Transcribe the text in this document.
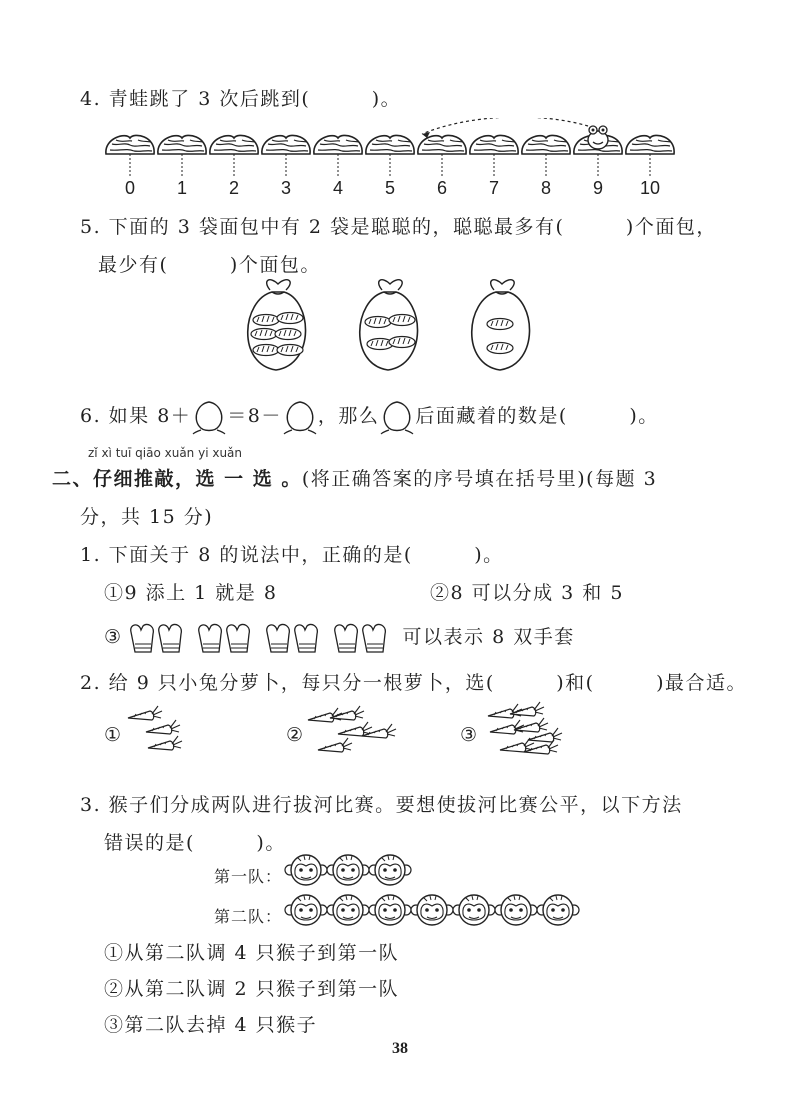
4. 青蛙跳了 3 次后跳到(　　　)。
0	1	2	3	4	5	6	7	8	9	10
5. 下面的 3 袋面包中有 2 袋是聪聪的，聪聪最多有(　　　)个面包，
最少有(　　　)个面包。
6. 如果 8＋ ＝8－ ，那么 后面藏着的数是(　　　)。
zǐ xì tuī qiāo xuǎn yi xuǎn
二、仔细推敲，选 一 选 。(将正确答案的序号填在括号里)(每题 3
分，共 15 分)
1. 下面关于 8 的说法中，正确的是(　　　)。
①9 添上 1 就是 8	②8 可以分成 3 和 5
③	可以表示 8 双手套
2. 给 9 只小兔分萝卜，每只分一根萝卜，选(　　　)和(　　　)最合适。
①	②	③
3. 猴子们分成两队进行拔河比赛。要想使拔河比赛公平，以下方法
错误的是(　　　)。
第一队：
第二队：
①从第二队调 4 只猴子到第一队
②从第二队调 2 只猴子到第一队
③第二队去掉 4 只猴子
38
